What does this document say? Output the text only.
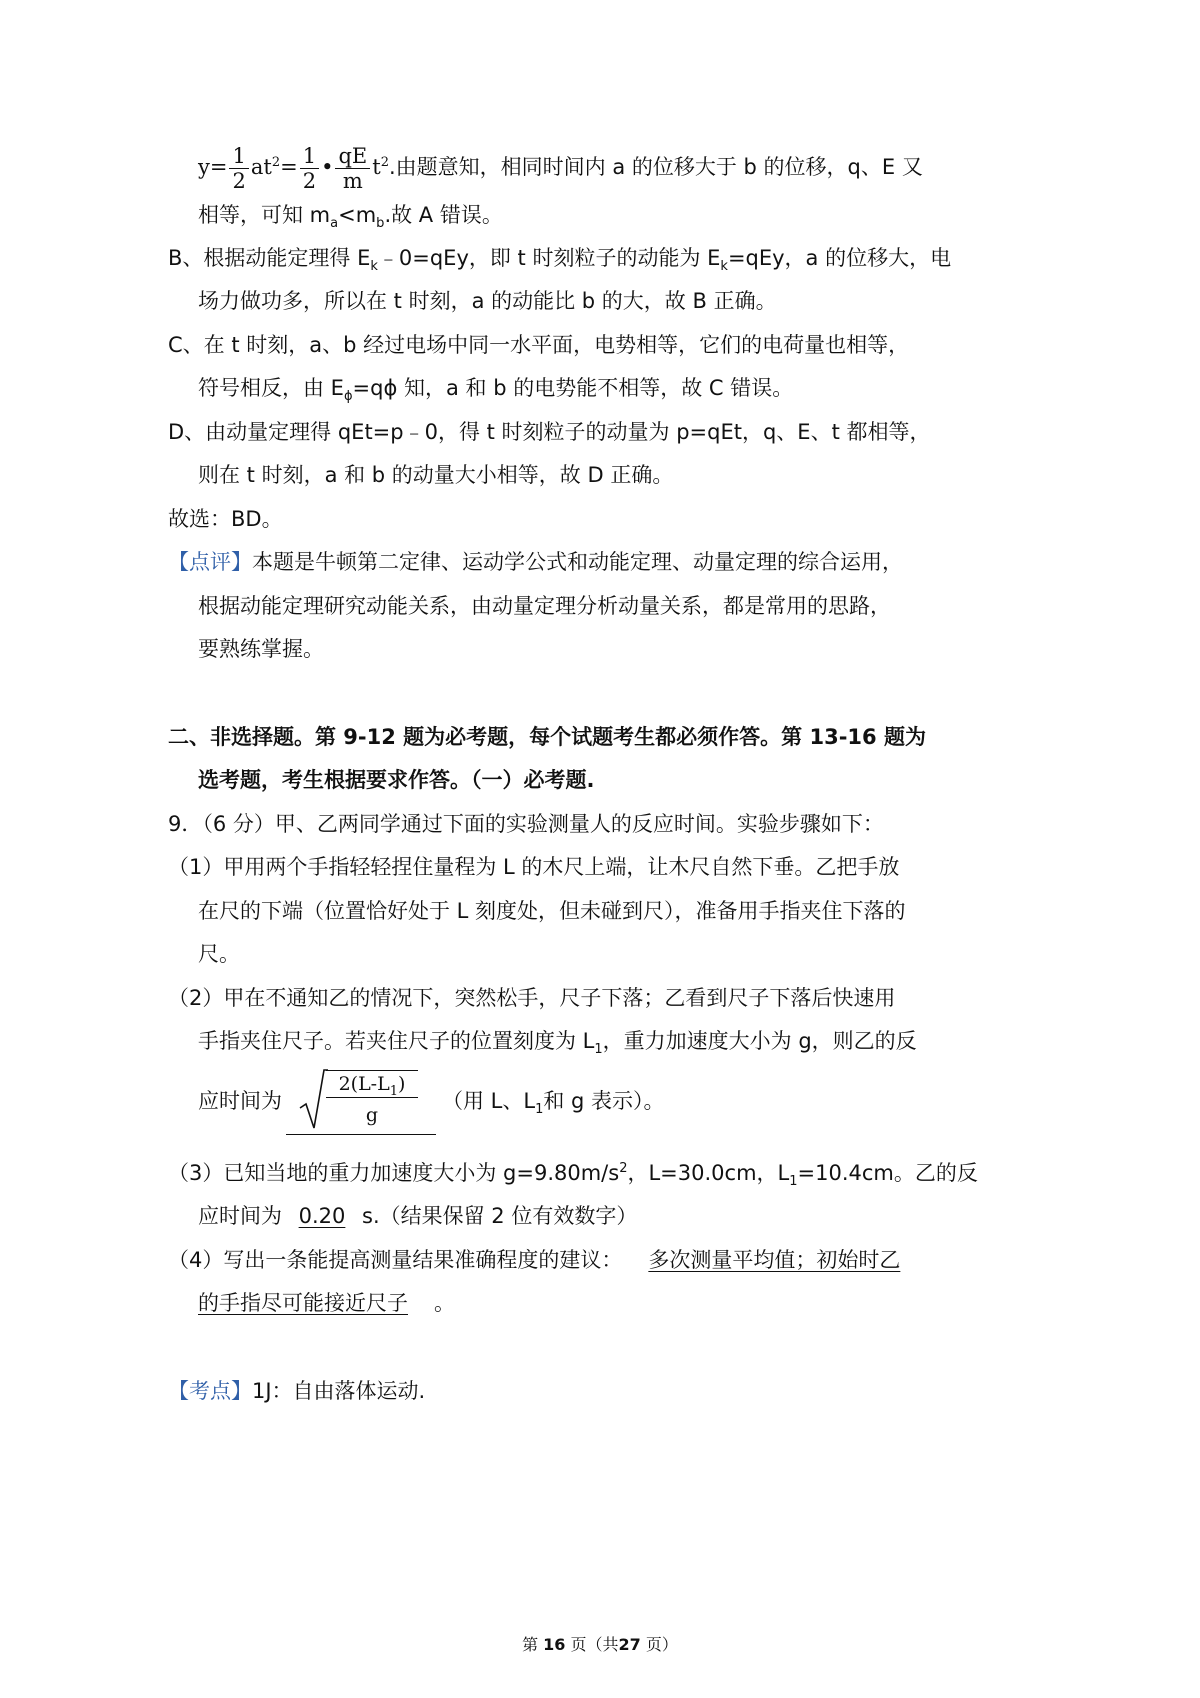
$y= \frac{1}{2} at^2= \frac{1}{2}$ • $\frac{qE}{m} t^2$.由题意知，相同时间内 a 的位移大于 b 的位移，q、E 又
相等，可知 $m_a<m_b$.故 A 错误。
B、根据动能定理得 $E_k﹣0=qEy$，即 t 时刻粒子的动能为 $E_k=qEy$，a 的位移大，电
场力做功多，所以在 t 时刻，a 的动能比 b 的大，故 B 正确。
C、在 t 时刻，a、b 经过电场中同一水平面，电势相等，它们的电荷量也相等，
符号相反，由 $E_\phi=q\phi$ 知，a 和 b 的电势能不相等，故 C 错误。
D、由动量定理得 qEt=p﹣0，得 t 时刻粒子的动量为 p=qEt，q、E、t 都相等，
则在 t 时刻，a 和 b 的动量大小相等，故 D 正确。
故选：BD。
【点评】本题是牛顿第二定律、运动学公式和动能定理、动量定理的综合运用，
根据动能定理研究动能关系，由动量定理分析动量关系，都是常用的思路，
要熟练掌握。
二、非选择题。第 9-12 题为必考题，每个试题考生都必须作答。第 13-16 题为
选考题，考生根据要求作答。（一）必考题.
9．（6 分）甲、乙两同学通过下面的实验测量人的反应时间。实验步骤如下：
（1）甲用两个手指轻轻捏住量程为 L 的木尺上端，让木尺自然下垂。乙把手放
在尺的下端（位置恰好处于 L 刻度处，但未碰到尺），准备用手指夹住下落的
尺。
（2）甲在不通知乙的情况下，突然松手，尺子下落；乙看到尺子下落后快速用
手指夹住尺子。若夹住尺子的位置刻度为 $L_1$，重力加速度大小为 g，则乙的反
应时间为 $\frac{2(L-L_1)}{g}$ （用 L、$L_1$和 g 表示）。
（3）已知当地的重力加速度大小为 $g=9.80m/s^2$，L=30.0cm，$L_1=10.4cm$。乙的反
应时间为 0.20 s.（结果保留 2 位有效数字）
（4）写出一条能提高测量结果准确程度的建议： 多次测量平均值；初始时乙
的手指尽可能接近尺子 。
【考点】1J：自由落体运动.
第 16 页（共27 页）
